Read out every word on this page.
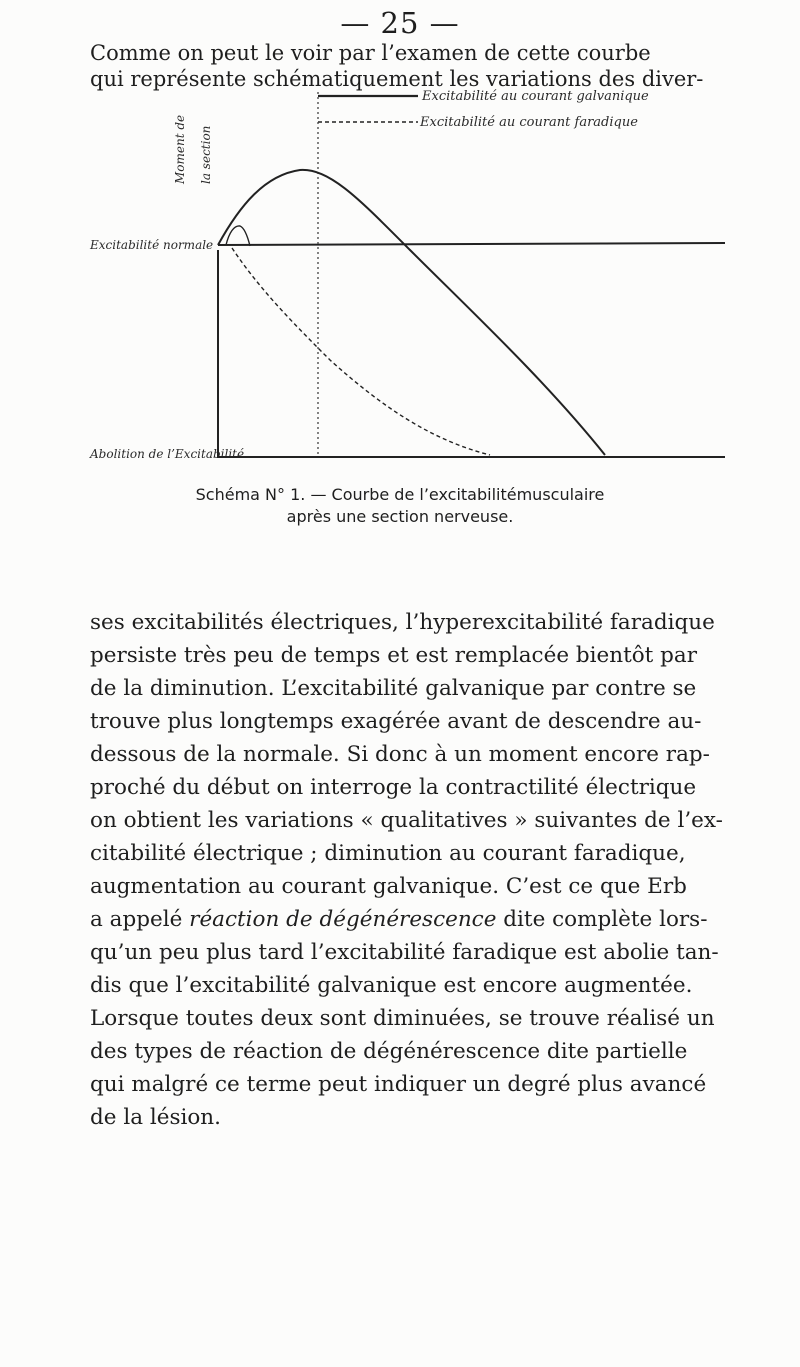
— 25 —

Comme on peut le voir par l’examen de cette courbe
qui représente schématiquement les variations des diver-

Excitabilité au courant galvanique
Excitabilité au courant faradique
Moment de la section
Excitabilité normale
Abolition de l’Excitabilité
Schéma N° 1. — Courbe de l’excitabilitémusculaire
après une section nerveuse.

ses excitabilités électriques, l’hyperexcitabilité faradique
persiste très peu de temps et est remplacée bientôt par
de la diminution. L’excitabilité galvanique par contre se
trouve plus longtemps exagérée avant de descendre au-
dessous de la normale. Si donc à un moment encore rap-
proché du début on interroge la contractilité électrique
on obtient les variations « qualitatives » suivantes de l’ex-
citabilité électrique ; diminution au courant faradique,
augmentation au courant galvanique. C’est ce que Erb
a appelé réaction de dégénérescence dite complète lors-
qu’un peu plus tard l’excitabilité faradique est abolie tan-
dis que l’excitabilité galvanique est encore augmentée.
Lorsque toutes deux sont diminuées, se trouve réalisé un
des types de réaction de dégénérescence dite partielle
qui malgré ce terme peut indiquer un degré plus avancé
de la lésion.
